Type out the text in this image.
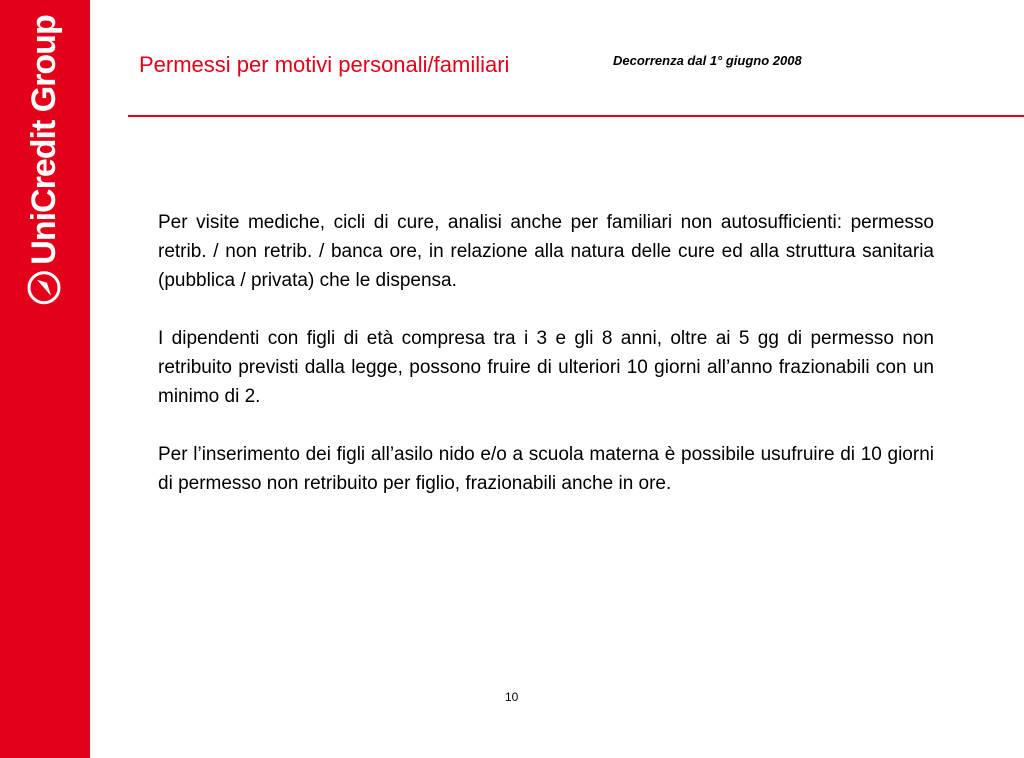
UniCredit Group	Permessi per motivi personali/familiari	Decorrenza dal 1° giugno 2008

Per visite mediche, cicli di cure, analisi anche per familiari non autosufficienti: permesso retrib. / non retrib. / banca ore, in relazione alla natura delle cure ed alla struttura sanitaria (pubblica / privata) che le dispensa.

I dipendenti con figli di età compresa tra i 3 e gli 8 anni, oltre ai 5 gg di permesso non retribuito previsti dalla legge, possono fruire di ulteriori 10 giorni all’anno frazionabili con un minimo di 2.

Per l’inserimento dei figli all’asilo nido e/o a scuola materna è possibile usufruire di 10 giorni di permesso non retribuito per figlio, frazionabili anche in ore.

10
